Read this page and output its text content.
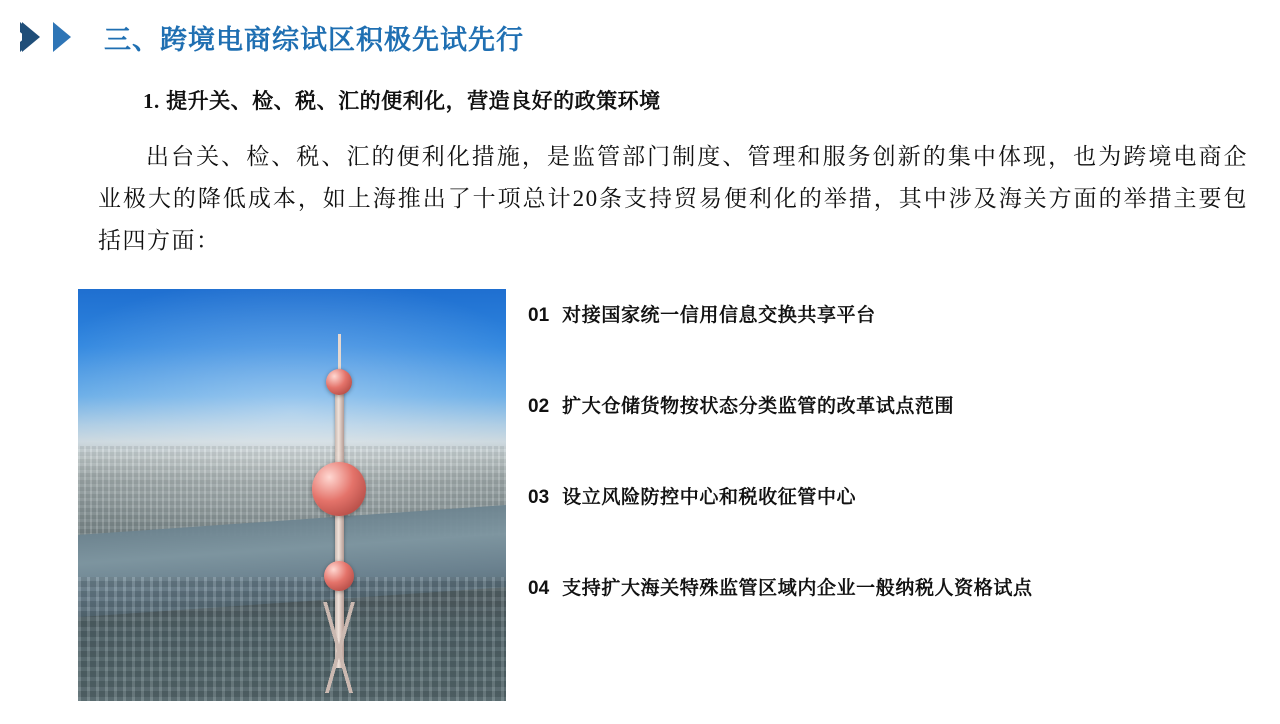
三、跨境电商综试区积极先试先行
1. 提升关、检、税、汇的便利化，营造良好的政策环境
出台关、检、税、汇的便利化措施，是监管部门制度、管理和服务创新的集中体现，也为跨境电商企业极大的降低成本，如上海推出了十项总计20条支持贸易便利化的举措，其中涉及海关方面的举措主要包括四方面：
01 对接国家统一信用信息交换共享平台
02 扩大仓储货物按状态分类监管的改革试点范围
03 设立风险防控中心和税收征管中心
04 支持扩大海关特殊监管区域内企业一般纳税人资格试点
